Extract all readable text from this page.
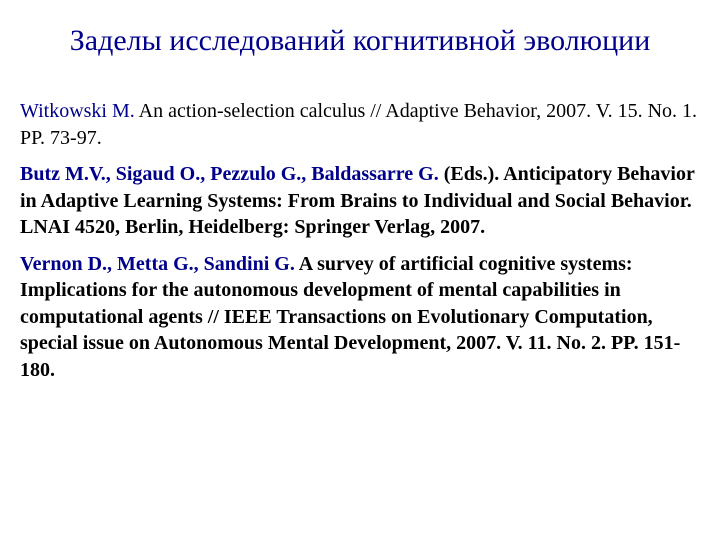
Заделы исследований когнитивной эволюции

Witkowski M. An action-selection calculus // Adaptive Behavior, 2007. V. 15. No. 1. PP. 73-97.

Butz M.V., Sigaud O., Pezzulo G., Baldassarre G. (Eds.). Anticipatory Behavior in Adaptive Learning Systems: From Brains to Individual and Social Behavior. LNAI 4520, Berlin, Heidelberg: Springer Verlag, 2007.

Vernon D., Metta G., Sandini G. A survey of artificial cognitive systems: Implications for the autonomous development of mental capabilities in computational agents // IEEE Transactions on Evolutionary Computation, special issue on Autonomous Mental Development, 2007. V. 11. No. 2. PP. 151-180.
